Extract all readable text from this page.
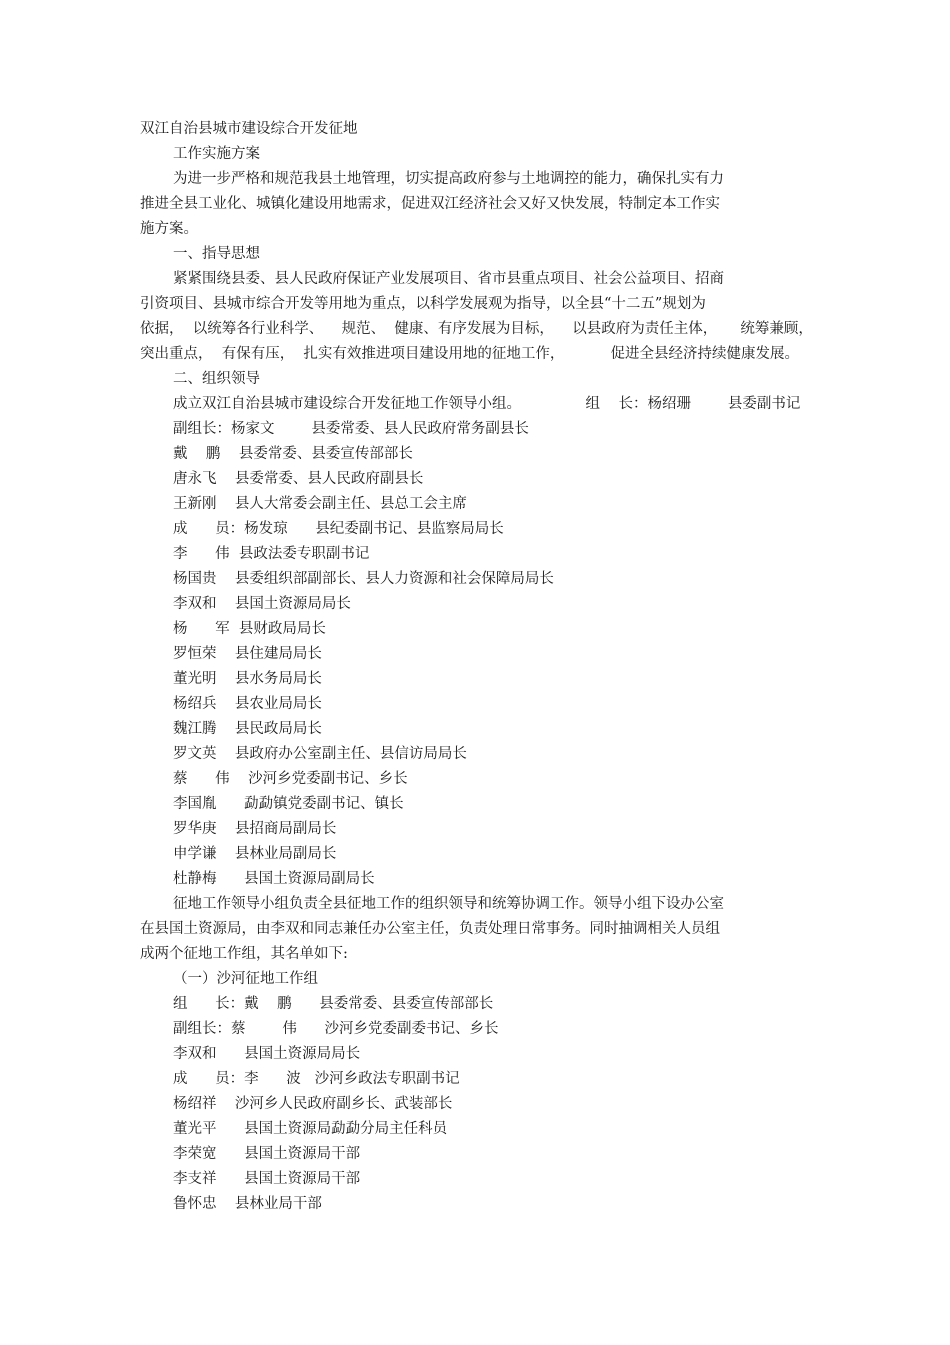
双江自治县城市建设综合开发征地
工作实施方案
为进一步严格和规范我县土地管理，切实提高政府参与土地调控的能力，确保扎实有力
推进全县工业化、城镇化建设用地需求，促进双江经济社会又好又快发展，特制定本工作实
施方案。
一、指导思想
紧紧围绕县委、县人民政府保证产业发展项目、省市县重点项目、社会公益项目、招商
引资项目、县城市综合开发等用地为重点，以科学发展观为指导，以全县“十二五”规划为
依据，  以统筹各行业科学、    规范、  健康、有序发展为目标，    以县政府为责任主体，     统筹兼顾，
突出重点，  有保有压，  扎实有效推进项目建设用地的征地工作，          促进全县经济持续健康发展。
二、组织领导
成立双江自治县城市建设综合开发征地工作领导小组。              组    长：杨绍珊        县委副书记
副组长：杨家文        县委常委、县人民政府常务副县长
戴    鹏    县委常委、县委宣传部部长
唐永飞    县委常委、县人民政府副县长
王新刚    县人大常委会副主任、县总工会主席
成      员：杨发琼      县纪委副书记、县监察局局长
李      伟  县政法委专职副书记
杨国贵    县委组织部副部长、县人力资源和社会保障局局长
李双和    县国土资源局局长
杨      军  县财政局局长
罗恒荣    县住建局局长
董光明    县水务局局长
杨绍兵    县农业局局长
魏江腾    县民政局局长
罗文英    县政府办公室副主任、县信访局局长
蔡      伟    沙河乡党委副书记、乡长
李国胤      勐勐镇党委副书记、镇长
罗华庚    县招商局副局长
申学谦    县林业局副局长
杜静梅      县国土资源局副局长
征地工作领导小组负责全县征地工作的组织领导和统筹协调工作。领导小组下设办公室
在县国土资源局，由李双和同志兼任办公室主任，负责处理日常事务。同时抽调相关人员组
成两个征地工作组，其名单如下:
（一）沙河征地工作组
组      长：戴    鹏      县委常委、县委宣传部部长
副组长：蔡        伟      沙河乡党委副委书记、乡长
李双和      县国土资源局局长
成      员：李      波   沙河乡政法专职副书记
杨绍祥    沙河乡人民政府副乡长、武装部长
董光平      县国土资源局勐勐分局主任科员
李荣宽      县国土资源局干部
李支祥      县国土资源局干部
鲁怀忠    县林业局干部
